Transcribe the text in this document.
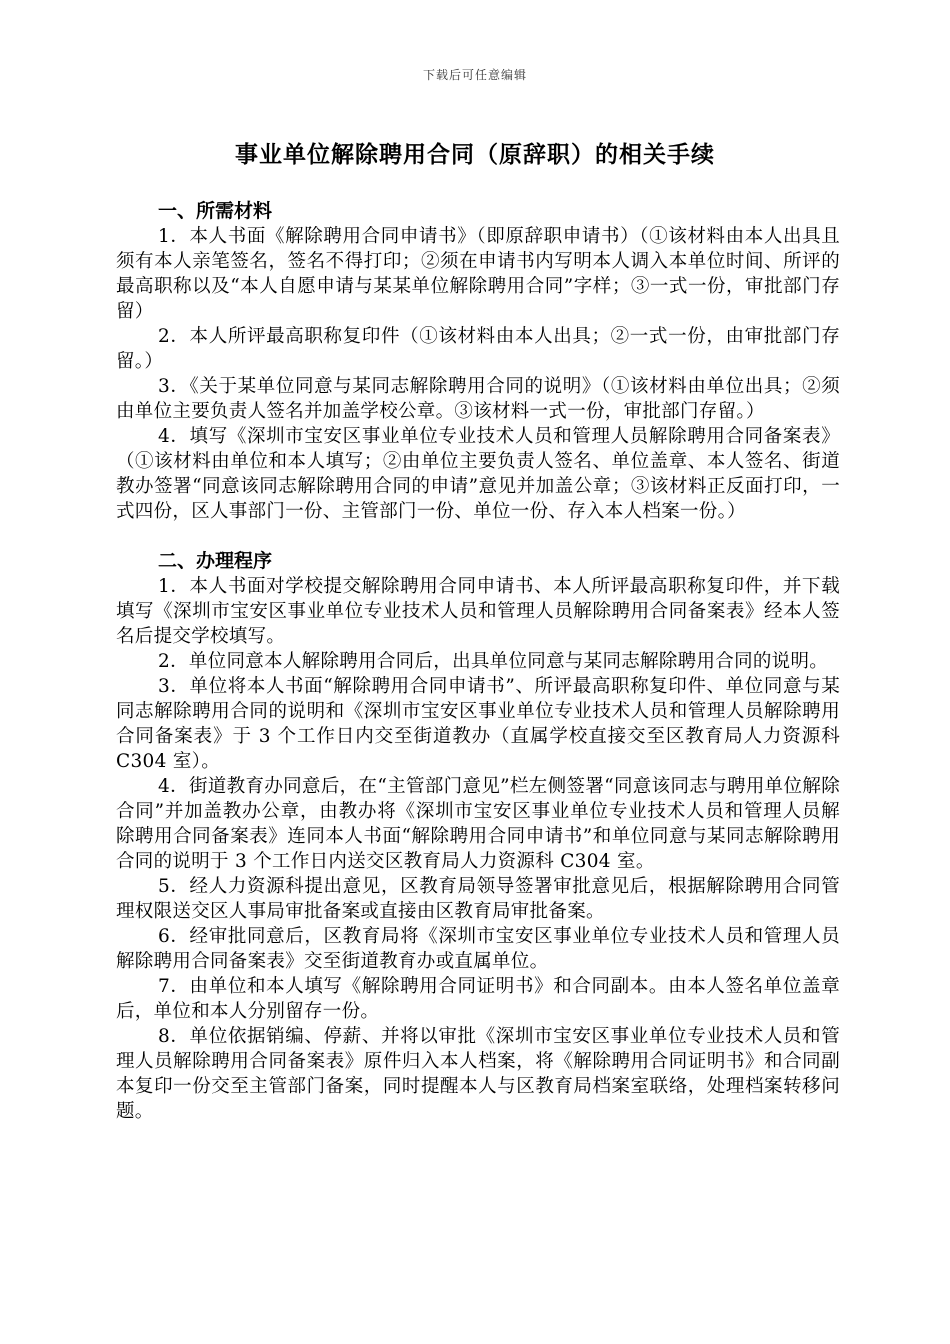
下载后可任意编辑
事业单位解除聘用合同（原辞职）的相关手续

一、所需材料

1．本人书面《解除聘用合同申请书》（即原辞职申请书）（①该材料由本人出具且须有本人亲笔签名，签名不得打印；②须在申请书内写明本人调入本单位时间、所评的最高职称以及“本人自愿申请与某某单位解除聘用合同”字样；③一式一份，审批部门存留）

2．本人所评最高职称复印件（①该材料由本人出具；②一式一份，由审批部门存留。）

3．《关于某单位同意与某同志解除聘用合同的说明》（①该材料由单位出具；②须由单位主要负责人签名并加盖学校公章。③该材料一式一份，审批部门存留。）

4．填写《深圳市宝安区事业单位专业技术人员和管理人员解除聘用合同备案表》（①该材料由单位和本人填写；②由单位主要负责人签名、单位盖章、本人签名、街道教办签署“同意该同志解除聘用合同的申请”意见并加盖公章；③该材料正反面打印，一式四份，区人事部门一份、主管部门一份、单位一份、存入本人档案一份。）

二、办理程序

1．本人书面对学校提交解除聘用合同申请书、本人所评最高职称复印件，并下载填写《深圳市宝安区事业单位专业技术人员和管理人员解除聘用合同备案表》经本人签名后提交学校填写。

2．单位同意本人解除聘用合同后，出具单位同意与某同志解除聘用合同的说明。

3．单位将本人书面“解除聘用合同申请书”、所评最高职称复印件、单位同意与某同志解除聘用合同的说明和《深圳市宝安区事业单位专业技术人员和管理人员解除聘用合同备案表》于 3 个工作日内交至街道教办（直属学校直接交至区教育局人力资源科 C304 室）。

4．街道教育办同意后，在“主管部门意见”栏左侧签署“同意该同志与聘用单位解除合同”并加盖教办公章，由教办将《深圳市宝安区事业单位专业技术人员和管理人员解除聘用合同备案表》连同本人书面“解除聘用合同申请书”和单位同意与某同志解除聘用合同的说明于 3 个工作日内送交区教育局人力资源科 C304 室。

5．经人力资源科提出意见，区教育局领导签署审批意见后，根据解除聘用合同管理权限送交区人事局审批备案或直接由区教育局审批备案。

6．经审批同意后，区教育局将《深圳市宝安区事业单位专业技术人员和管理人员解除聘用合同备案表》交至街道教育办或直属单位。

7．由单位和本人填写《解除聘用合同证明书》和合同副本。由本人签名单位盖章后，单位和本人分别留存一份。

8．单位依据销编、停薪、并将以审批《深圳市宝安区事业单位专业技术人员和管理人员解除聘用合同备案表》原件归入本人档案，将《解除聘用合同证明书》和合同副本复印一份交至主管部门备案，同时提醒本人与区教育局档案室联络，处理档案转移问题。
